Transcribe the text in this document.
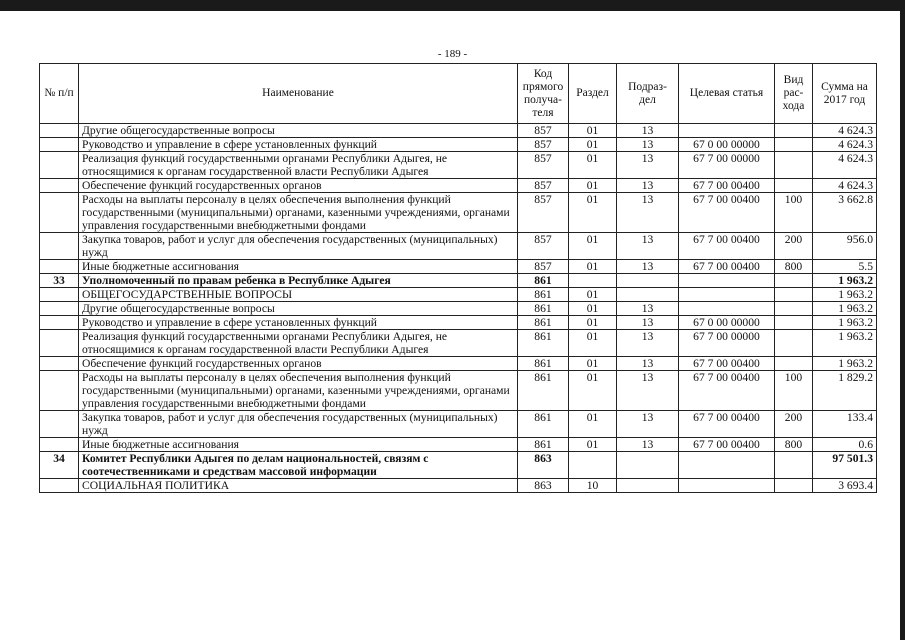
- 189 -
№ п/п	Наименование	Код прямого получа-теля	Раздел	Подраз-дел	Целевая статья	Вид рас-хода	Сумма на 2017 год
	Другие общегосударственные вопросы	857	01	13			4 624.3
	Руководство и управление в сфере установленных функций	857	01	13	67 0 00 00000		4 624.3
	Реализация функций государственными органами Республики Адыгея, не относящимися к органам государственной власти Республики Адыгея	857	01	13	67 7 00 00000		4 624.3
	Обеспечение функций государственных органов	857	01	13	67 7 00 00400		4 624.3
	Расходы на выплаты персоналу в целях обеспечения выполнения функций государственными (муниципальными) органами, казенными учреждениями, органами управления государственными внебюджетными фондами	857	01	13	67 7 00 00400	100	3 662.8
	Закупка товаров, работ и услуг для обеспечения государственных (муниципальных) нужд	857	01	13	67 7 00 00400	200	956.0
	Иные бюджетные ассигнования	857	01	13	67 7 00 00400	800	5.5
33	Уполномоченный по правам ребенка в Республике Адыгея	861					1 963.2
	ОБЩЕГОСУДАРСТВЕННЫЕ ВОПРОСЫ	861	01				1 963.2
	Другие общегосударственные вопросы	861	01	13			1 963.2
	Руководство и управление в сфере установленных функций	861	01	13	67 0 00 00000		1 963.2
	Реализация функций государственными органами Республики Адыгея, не относящимися к органам государственной власти Республики Адыгея	861	01	13	67 7 00 00000		1 963.2
	Обеспечение функций государственных органов	861	01	13	67 7 00 00400		1 963.2
	Расходы на выплаты персоналу в целях обеспечения выполнения функций государственными (муниципальными) органами, казенными учреждениями, органами управления государственными внебюджетными фондами	861	01	13	67 7 00 00400	100	1 829.2
	Закупка товаров, работ и услуг для обеспечения государственных (муниципальных) нужд	861	01	13	67 7 00 00400	200	133.4
	Иные бюджетные ассигнования	861	01	13	67 7 00 00400	800	0.6
34	Комитет Республики Адыгея по делам национальностей, связям с соотечественниками и средствам массовой информации	863					97 501.3
	СОЦИАЛЬНАЯ ПОЛИТИКА	863	10				3 693.4
